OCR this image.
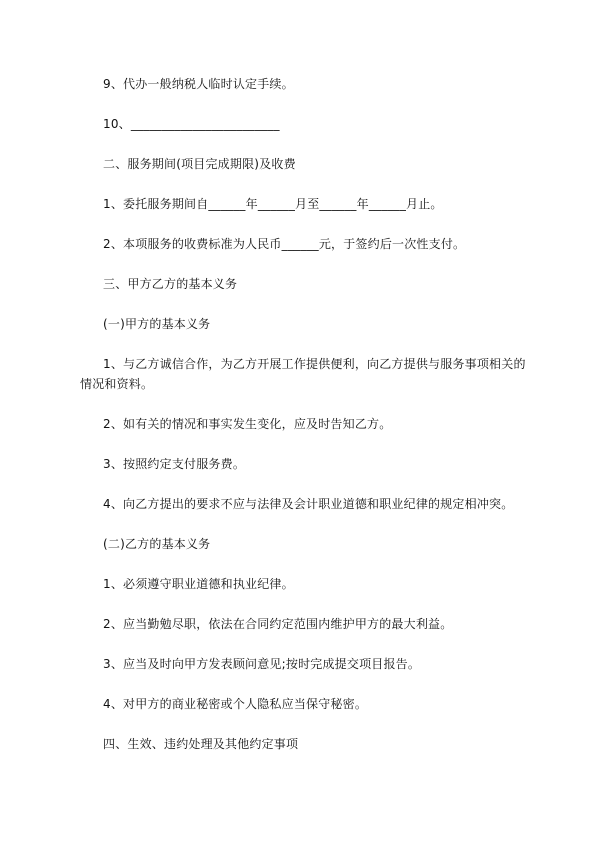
9、代办一般纳税人临时认定手续。
10、________________________
二、服务期间(项目完成期限)及收费
1、委托服务期间自______年______月至______年______月止。
2、本项服务的收费标准为人民币______元，于签约后一次性支付。
三、甲方乙方的基本义务
(一)甲方的基本义务
1、与乙方诚信合作，为乙方开展工作提供便利，向乙方提供与服务事项相关的
情况和资料。
2、如有关的情况和事实发生变化，应及时告知乙方。
3、按照约定支付服务费。
4、向乙方提出的要求不应与法律及会计职业道德和职业纪律的规定相冲突。
(二)乙方的基本义务
1、必须遵守职业道德和执业纪律。
2、应当勤勉尽职，依法在合同约定范围内维护甲方的最大利益。
3、应当及时向甲方发表顾问意见;按时完成提交项目报告。
4、对甲方的商业秘密或个人隐私应当保守秘密。
四、生效、违约处理及其他约定事项
